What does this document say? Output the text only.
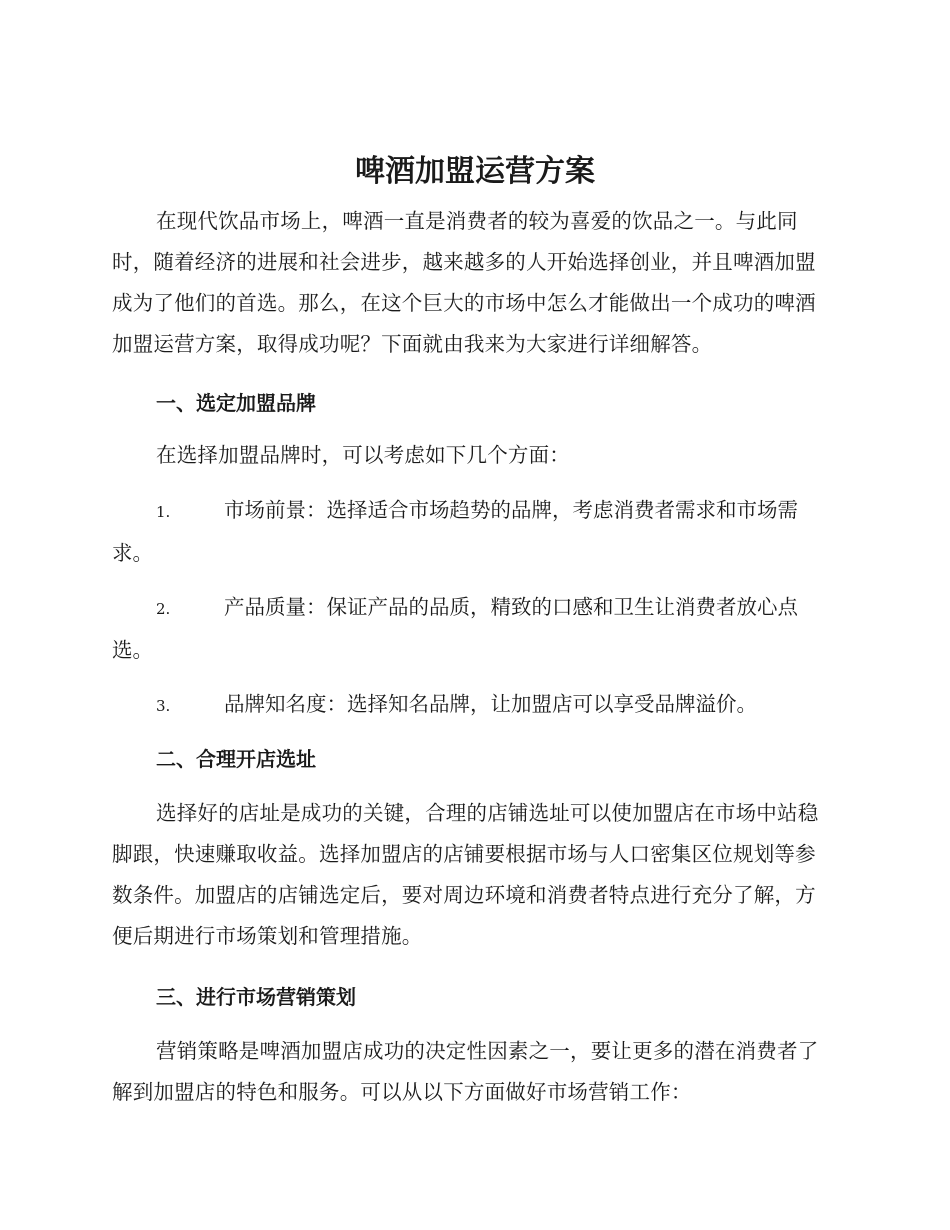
啤酒加盟运营方案

在现代饮品市场上，啤酒一直是消费者的较为喜爱的饮品之一。与此同时，随着经济的进展和社会进步，越来越多的人开始选择创业，并且啤酒加盟成为了他们的首选。那么，在这个巨大的市场中怎么才能做出一个成功的啤酒加盟运营方案，取得成功呢？下面就由我来为大家进行详细解答。

一、选定加盟品牌

在选择加盟品牌时，可以考虑如下几个方面：

1.	市场前景：选择适合市场趋势的品牌，考虑消费者需求和市场需求。

2.	产品质量：保证产品的品质，精致的口感和卫生让消费者放心点选。

3.	品牌知名度：选择知名品牌，让加盟店可以享受品牌溢价。

二、合理开店选址

选择好的店址是成功的关键，合理的店铺选址可以使加盟店在市场中站稳脚跟，快速赚取收益。选择加盟店的店铺要根据市场与人口密集区位规划等参数条件。加盟店的店铺选定后，要对周边环境和消费者特点进行充分了解，方便后期进行市场策划和管理措施。

三、进行市场营销策划

营销策略是啤酒加盟店成功的决定性因素之一，要让更多的潜在消费者了解到加盟店的特色和服务。可以从以下方面做好市场营销工作：
